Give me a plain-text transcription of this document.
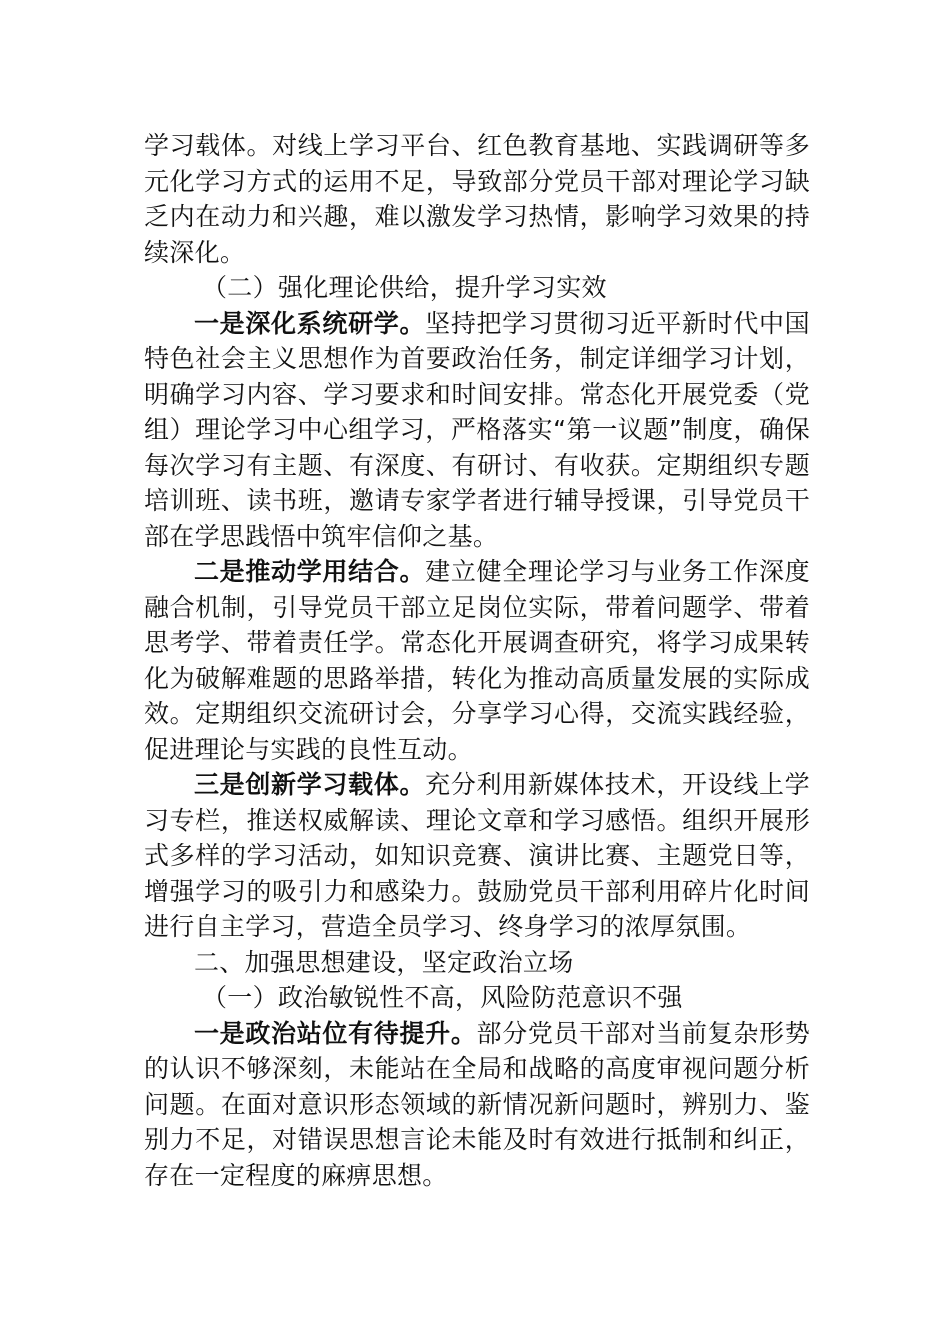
学习载体。对线上学习平台、红色教育基地、实践调研等多元化学习方式的运用不足，导致部分党员干部对理论学习缺乏内在动力和兴趣，难以激发学习热情，影响学习效果的持续深化。

（二）强化理论供给，提升学习实效

一是深化系统研学。坚持把学习贯彻习近平新时代中国特色社会主义思想作为首要政治任务，制定详细学习计划，明确学习内容、学习要求和时间安排。常态化开展党委（党组）理论学习中心组学习，严格落实“第一议题”制度，确保每次学习有主题、有深度、有研讨、有收获。定期组织专题培训班、读书班，邀请专家学者进行辅导授课，引导党员干部在学思践悟中筑牢信仰之基。

二是推动学用结合。建立健全理论学习与业务工作深度融合机制，引导党员干部立足岗位实际，带着问题学、带着思考学、带着责任学。常态化开展调查研究，将学习成果转化为破解难题的思路举措，转化为推动高质量发展的实际成效。定期组织交流研讨会，分享学习心得，交流实践经验，促进理论与实践的良性互动。

三是创新学习载体。充分利用新媒体技术，开设线上学习专栏，推送权威解读、理论文章和学习感悟。组织开展形式多样的学习活动，如知识竞赛、演讲比赛、主题党日等，增强学习的吸引力和感染力。鼓励党员干部利用碎片化时间进行自主学习，营造全员学习、终身学习的浓厚氛围。

二、加强思想建设，坚定政治立场

（一）政治敏锐性不高，风险防范意识不强

一是政治站位有待提升。部分党员干部对当前复杂形势的认识不够深刻，未能站在全局和战略的高度审视问题分析问题。在面对意识形态领域的新情况新问题时，辨别力、鉴别力不足，对错误思想言论未能及时有效进行抵制和纠正，存在一定程度的麻痹思想。
